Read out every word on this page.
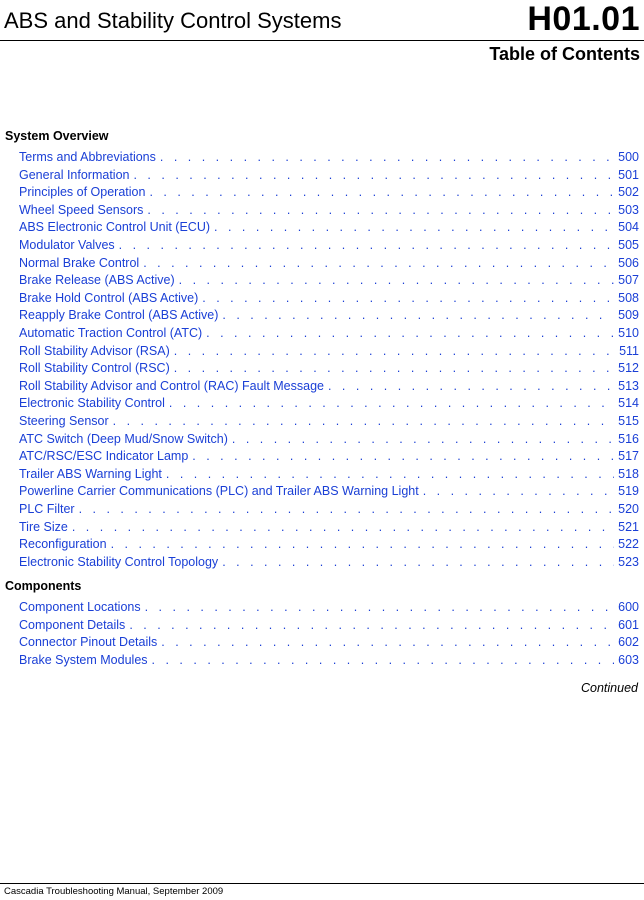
ABS and Stability Control Systems	H01.01
Table of Contents
System Overview
Terms and Abbreviations . . .	500
General Information . . .	501
Principles of Operation . . .	502
Wheel Speed Sensors . . .	503
ABS Electronic Control Unit (ECU) . . .	504
Modulator Valves . . .	505
Normal Brake Control . . .	506
Brake Release (ABS Active) . . .	507
Brake Hold Control (ABS Active) . . .	508
Reapply Brake Control (ABS Active) . . .	509
Automatic Traction Control (ATC) . . .	510
Roll Stability Advisor (RSA) . . .	511
Roll Stability Control (RSC) . . .	512
Roll Stability Advisor and Control (RAC) Fault Message . . .	513
Electronic Stability Control . . .	514
Steering Sensor . . .	515
ATC Switch (Deep Mud/Snow Switch) . . .	516
ATC/RSC/ESC Indicator Lamp . . .	517
Trailer ABS Warning Light . . .	518
Powerline Carrier Communications (PLC) and Trailer ABS Warning Light . . .	519
PLC Filter . . .	520
Tire Size . . .	521
Reconfiguration . . .	522
Electronic Stability Control Topology . . .	523
Components
Component Locations . . .	600
Component Details . . .	601
Connector Pinout Details . . .	602
Brake System Modules . . .	603
Continued
Cascadia Troubleshooting Manual, September 2009
